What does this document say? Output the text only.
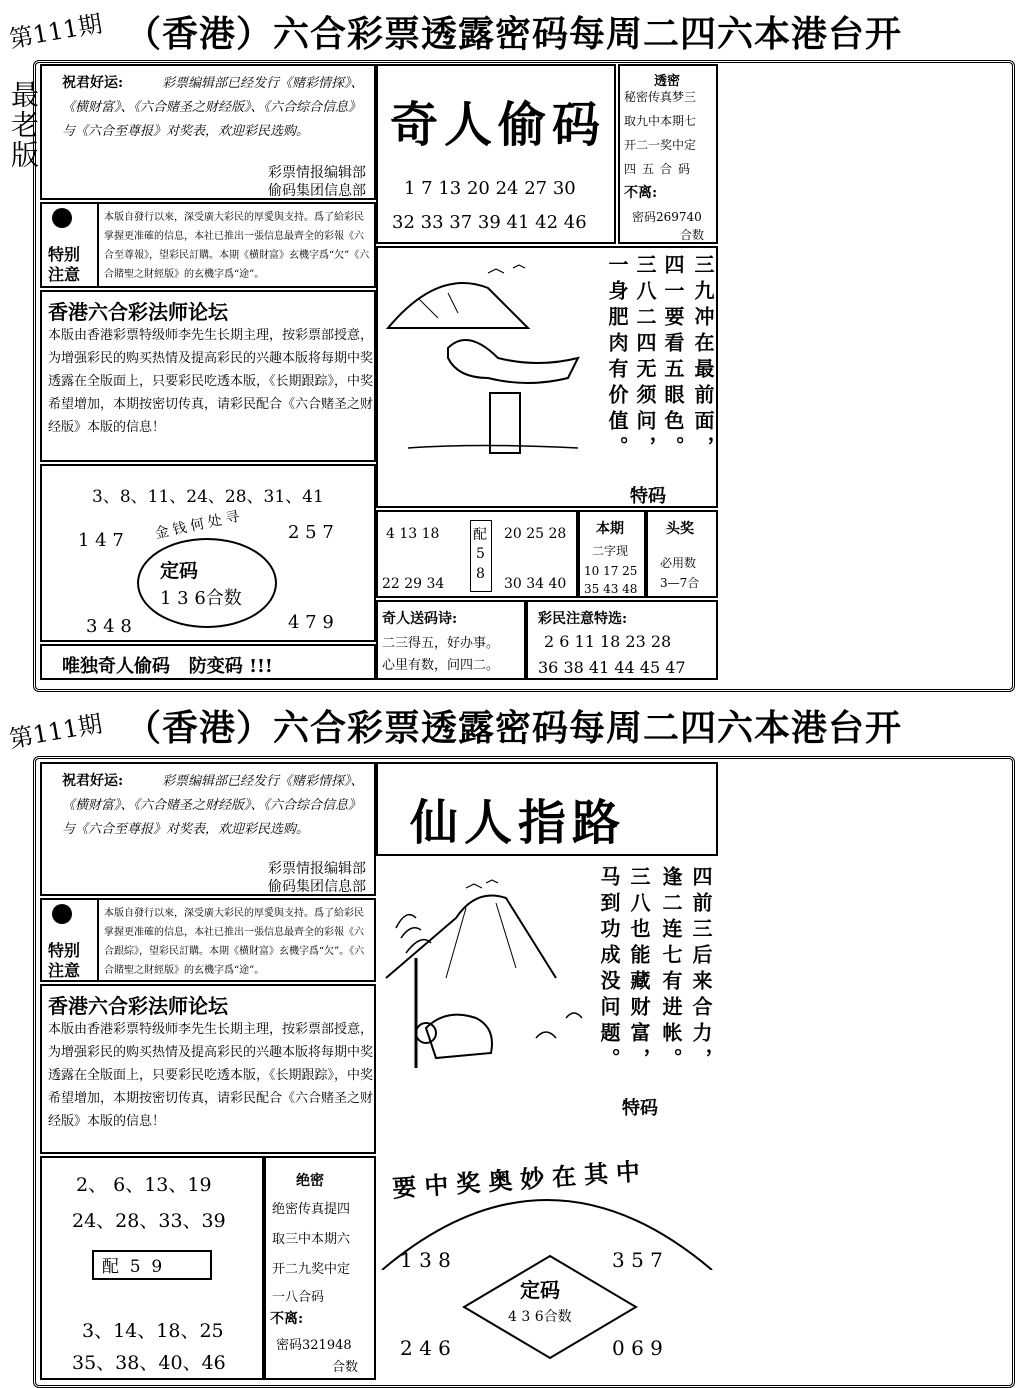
第111期 （香港）六合彩票透露密码每周二四六本港台开
最老版 祝君好运:	彩票编辑部已经发行《赌彩情探》、《横财富》、《六合赌圣之财经版》、《六合综合信息》与《六合至尊报》对奖表，欢迎彩民选购。
彩票情报编辑部
偷码集团信息部
特别
注意
本版自發行以來，深受廣大彩民的厚愛與支持。爲了給彩民掌握更准確的信息，本社已推出一張信息最齊全的彩報《六合至尊報》，望彩民訂購。本期《横財富》玄機字爲“欠”《六合賭聖之財經版》的玄機字爲“途”。
香港六合彩法师论坛
本版由香港彩票特级师李先生长期主理，按彩票部授意，为增强彩民的购买热情及提高彩民的兴趣本版将每期中奖透露在全版面上，只要彩民吃透本版，《长期跟踪》，中奖希望增加，本期按密切传真，请彩民配合《六合赌圣之财经版》本版的信息！
3、8、11、24、28、31、41
金钱何处寻
1 4 7	2 5 7
定码
1 3 6合数
3 4 8	4 7 9
唯独奇人偷码   防变码 !!!
奇人偷码
1 7 13 20 24 27 30
32 33 37 39 41 42 46
透密
秘密传真梦三
取九中本期七
开二一奖中定
四五合码
不离:
密码269740
合数
三九冲在最前面，
四一要看五眼色。
三八二四无须问，
一身肥肉有价值。
特码
4 13 18
22 29 34
配
5
8
20 25 28
30 34 40
本期
二字现
10 17 25
35 43 48
头奖
必用数
3—7合
奇人送码诗:
二三得五，好办事。
心里有数，问四二。
彩民注意特选:
2 6 11 18 23 28
36 38 41 44 45 47
第111期 （香港）六合彩票透露密码每周二四六本港台开
祝君好运:	彩票编辑部已经发行《赌彩情探》、《横财富》、《六合赌圣之财经版》、《六合综合信息》与《六合至尊报》对奖表，欢迎彩民选购。
彩票情报编辑部
偷码集团信息部
特别
注意
本版自發行以來，深受廣大彩民的厚愛與支持。爲了給彩民掌握更准確的信息，本社已推出一張信息最齊全的彩報《六合跟綜》，望彩民訂購。本期《横財富》玄機字爲“欠”。《六合賭聖之財經版》的玄機字爲“途”。
香港六合彩法师论坛
本版由香港彩票特级师李先生长期主理，按彩票部授意，为增强彩民的购买热情及提高彩民的兴趣本版将每期中奖透露在全版面上，只要彩民吃透本版，《长期跟踪》，中奖希望增加，本期按密切传真，请彩民配合《六合赌圣之财经版》本版的信息！
2、 6、13、19
24、28、33、39
配  5  9
3、14、18、25
35、38、40、46
绝密
绝密传真提四
取三中本期六
开二九奖中定
一八合码
不离:
密码321948
合数
仙人指路
四前三后来合力，
逢二连七有进帐。
三八也能藏财富，
马到功成没问题。
特码
要中奖奥妙在其中
1 3 8	3 5 7
定码
4 3 6合数
2 4 6	0 6 9
